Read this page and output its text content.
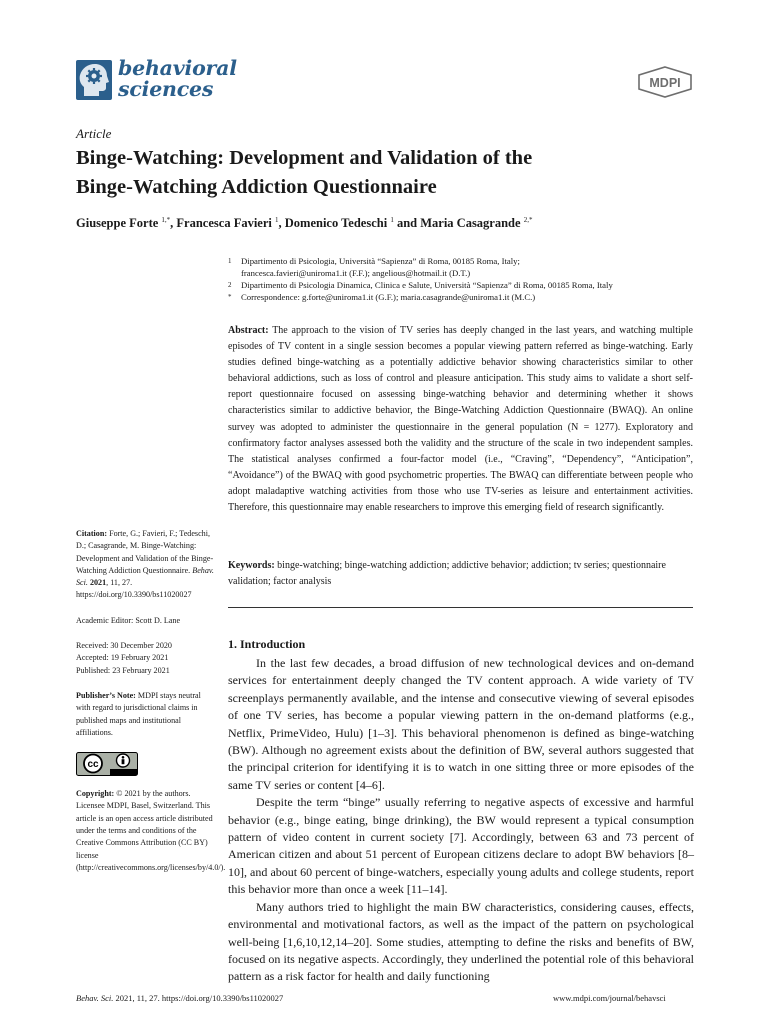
behavioral
sciences	MDPI
Article
Binge-Watching: Development and Validation of the
Binge-Watching Addiction Questionnaire
Giuseppe Forte $^{1,*}$, Francesca Favieri $^1$, Domenico Tedeschi $^1$ and Maria Casagrande $^{2,*}$
1 Dipartimento di Psicologia, Università “Sapienza” di Roma, 00185 Roma, Italy;
francesca.favieri@uniroma1.it (F.F.); angelious@hotmail.it (D.T.)
2 Dipartimento di Psicologia Dinamica, Clinica e Salute, Università “Sapienza” di Roma, 00185 Roma, Italy
* Correspondence: g.forte@uniroma1.it (G.F.); maria.casagrande@uniroma1.it (M.C.)
Abstract: The approach to the vision of TV series has deeply changed in the last years, and watching multiple episodes of TV content in a single session becomes a popular viewing pattern referred as binge-watching. Early studies defined binge-watching as a potentially addictive behavior showing characteristics similar to other behavioral addictions, such as loss of control and pleasure anticipation. This study aims to validate a short self-report questionnaire focused on assessing binge-watching behavior and determining whether it shows characteristics similar to addictive behavior, the Binge-Watching Addiction Questionnaire (BWAQ). An online survey was adopted to administer the questionnaire in the general population (N = 1277). Exploratory and confirmatory factor analyses assessed both the validity and the structure of the scale in two independent samples. The statistical analyses confirmed a four-factor model (i.e., “Craving”, “Dependency”, “Anticipation”, “Avoidance”) of the BWAQ with good psychometric properties. The BWAQ can differentiate between people who adopt maladaptive watching activities from those who use TV-series as leisure and entertainment activities. Therefore, this questionnaire may enable researchers to improve this emerging field of research significantly.
Keywords: binge-watching; binge-watching addiction; addictive behavior; addiction; tv series; questionnaire validation; factor analysis
Citation: Forte, G.; Favieri, F.; Tedeschi, D.; Casagrande, M. Binge-Watching: Development and Validation of the Binge-Watching Addiction Questionnaire. Behav. Sci. 2021, 11, 27. https://doi.org/10.3390/bs11020027
Academic Editor: Scott D. Lane
Received: 30 December 2020
Accepted: 19 February 2021
Published: 23 February 2021
Publisher’s Note: MDPI stays neutral with regard to jurisdictional claims in published maps and institutional affiliations.
cc
Copyright: © 2021 by the authors. Licensee MDPI, Basel, Switzerland. This article is an open access article distributed under the terms and conditions of the Creative Commons Attribution (CC BY) license (http://creativecommons.org/licenses/by/4.0/).
1. Introduction

In the last few decades, a broad diffusion of new technological devices and on-demand services for entertainment deeply changed the TV content approach. A wide variety of TV screenplays permanently available, and the intense and consecutive viewing of several episodes of one TV series, has become a popular viewing pattern in the on-demand platforms (e.g., Netflix, PrimeVideo, Hulu) [1–3]. This behavioral phenomenon is defined as binge-watching (BW). Although no agreement exists about the definition of BW, several authors suggested that the principal criterion for identifying it is to watch in one sitting three or more episodes of the same TV series or content [4–6].

Despite the term “binge” usually referring to negative aspects of excessive and harmful behavior (e.g., binge eating, binge drinking), the BW would represent a typical consumption pattern of video content in current society [7]. Accordingly, between 63 and 73 percent of American citizen and about 51 percent of European citizens declare to adopt BW behaviors [8–10], and about 60 percent of binge-watchers, especially young adults and college students, report this behavior more than once a week [11–14].

Many authors tried to highlight the main BW characteristics, considering causes, effects, environmental and motivational factors, as well as the impact of the pattern on psychological well-being [1,6,10,12,14–20]. Some studies, attempting to define the risks and benefits of BW, focused on its negative aspects. Accordingly, they underlined the potential role of this behavioral pattern as a risk factor for health and daily functioning

Behav. Sci. 2021, 11, 27. https://doi.org/10.3390/bs11020027	www.mdpi.com/journal/behavsci
